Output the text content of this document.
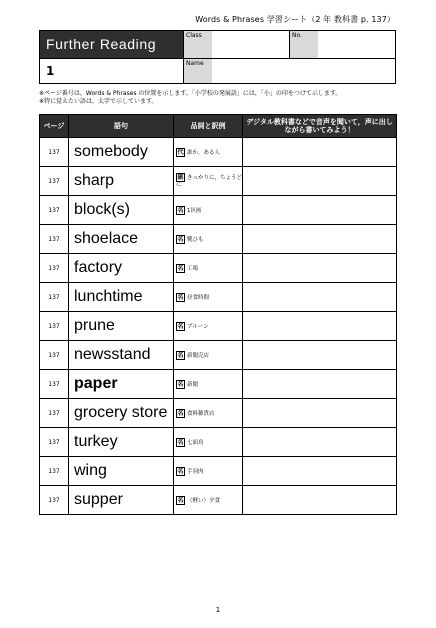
Words & Phrases 学習シート（2 年 教科書 p. 137）
Further Reading
1
Class	No.
Name
※ページ番号は，Words & Phrases の位置を示します。「小学校の発展語」には，「小」の印をつけて示します。
※特に覚えたい語は，太字で示しています。
ページ	語句	品詞と訳例	デジタル教科書などで音声を聞いて，声に出しながら書いてみよう！
137	somebody	代 誰か，ある人	
137	sharp	副 きっかりに，ちょうどに	
137	block(s)	名 1区画	
137	shoelace	名 靴ひも	
137	factory	名 工場	
137	lunchtime	名 昼食時間	
137	prune	名 プルーン	
137	newsstand	名 新聞売店	
137	paper	名 新聞	
137	grocery store	名 食料雑貨店	
137	turkey	名 七面鳥	
137	wing	名 手羽肉	
137	supper	名 （軽い）夕食	
1
